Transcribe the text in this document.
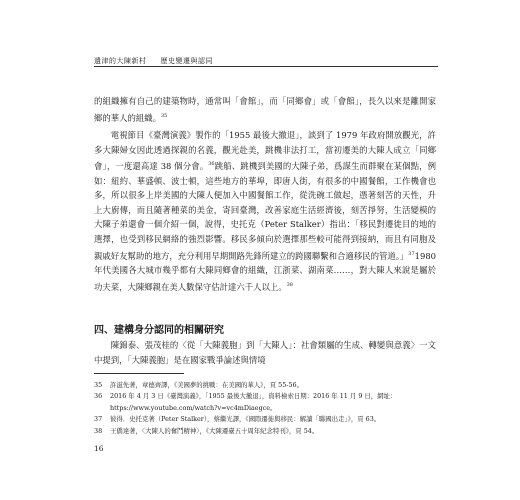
遺津的大陳新村 歷史變遷與認同

的組織擁有自己的建築物時，通常叫「會館」，而「同鄉會」或「會館」，長久以來是離開家鄉的華人的組織。$^{35}$

電視節目《臺灣演義》製作的「1955 最後大撤退」，談到了 1979 年政府開放觀光，許多大陳婦女因此透過探親的名義，觀光赴美，跳機非法打工，當初遷美的大陳人成立「同鄉會」，一度還高達 38 個分會。$^{36}$跳船、跳機到美國的大陳子弟，爲謀生而群聚在某個點，例如：紐約、華盛頓、波士頓，這些地方的華埠，即唐人街，有很多的中國餐館，工作機會也多，所以很多上岸美國的大陳人便加入中國餐館工作，從洗碗工做起，憑著刻苦的天性，升上大廚傳，而且隨著種菜的美金，寄回臺灣，改善家庭生活經濟後，刻苦掙努，生活變模的大陳子弟還會一個介紹一個，說得，史托克（Peter Stalker）指出：「移民對遷徙目的地的選擇，也受到移民網絡的強烈影響。移民多傾向於選擇那些較可能得到接納，而且有同胞及親戚好友幫助的地方，充分利用早期開路先鋒所建立的跨國聯繫和合適移民的管道。」$^{37}$1980 年代美國各大城市幾乎都有大陳同鄉會的組織，江浙菜、湖南菜……，對大陳人來說是屬於功夫菜，大陳鄉親在美人數保守估計達六千人以上。$^{38}$

四、建構身分認同的相關研究

陳錦泰、張茂桂的〈從「大陳義胞」到「大陳人」：社會類屬的生成、轉變與意義〉一文中提到，「大陳義胞」是在國家戰爭論述與情境

35	許滋先著，章德齊譯，《美國夢的挑戰：在美國的華人》，頁 55-56。
36	2016 年 4 月 3 日《臺灣演義》，「1955 最後大撤退」，資料檢索日期：2016 年 11 月 9 日，網址：https://www.youtube.com/watch?v=vc4mDiaegce。
37	彼得．史托克著（Peter Stalker），蔡繼光譯，《國際遷徙與移民：解讀「聯國出走」》，頁 63。
38	王僑達著，〈大陳人的奮鬥精神〉，《大陳遷臺五十周年紀念特刊》，頁 54。
16
